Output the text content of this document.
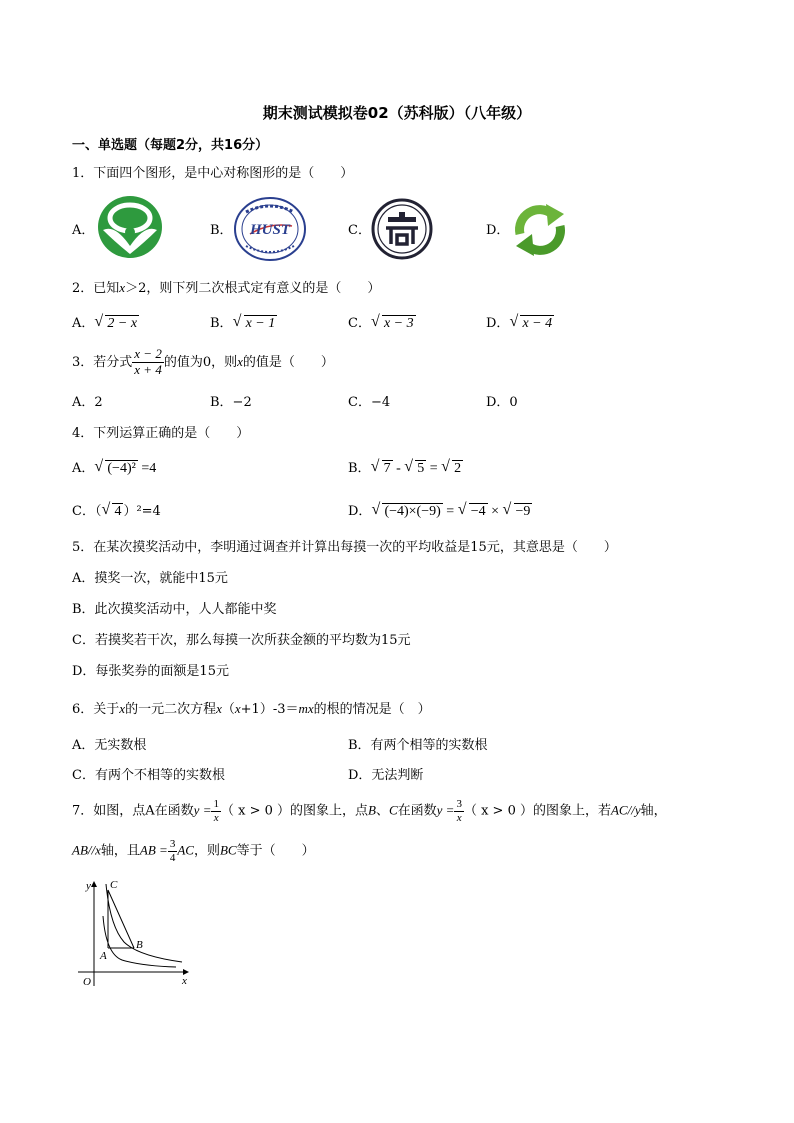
期末测试模拟卷02（苏科版）（八年级）
一、单选题（每题2分，共16分）
1．下面四个图形，是中心对称图形的是（　　）
A．	B． HUST	C．	D．
2．已知x＞2，则下列二次根式定有意义的是（　　）
A． √ 2 − x	B． √ x − 1	C． √ x − 3	D． √ x − 4
3．若分式 $\frac{x - 2}{x + 4}$ 的值为0，则x的值是（　　）
A．2	B．−2	C．−4	D．0
4．下列运算正确的是（　　）
A． √ (−4)² =4	B． √ 7 - √ 5 = √ 2
C．（ √ 4 ）²=4	D． √ (−4)×(−9) = √ −4 × √ −9
5．在某次摸奖活动中，李明通过调查并计算出每摸一次的平均收益是15元，其意思是（　　）
A．摸奖一次，就能中15元
B．此次摸奖活动中，人人都能中奖
C．若摸奖若干次，那么每摸一次所获金额的平均数为15元
D．每张奖券的面额是15元
6．关于x的一元二次方程x（x+1）-3＝mx的根的情况是（　）
A．无实数根	B．有两个相等的实数根
C．有两个不相等的实数根	D．无法判断
7．如图，点A在函数$y = \frac{1}{x}$ （ x > 0 ）的图象上，点B、C在函数$y = \frac{3}{x}$ （ x > 0 ）的图象上，若AC//y轴，
AB//x轴，且AB = $\frac{3}{4}$ AC，则BC等于（　　）
y
x
O
A
B
C
